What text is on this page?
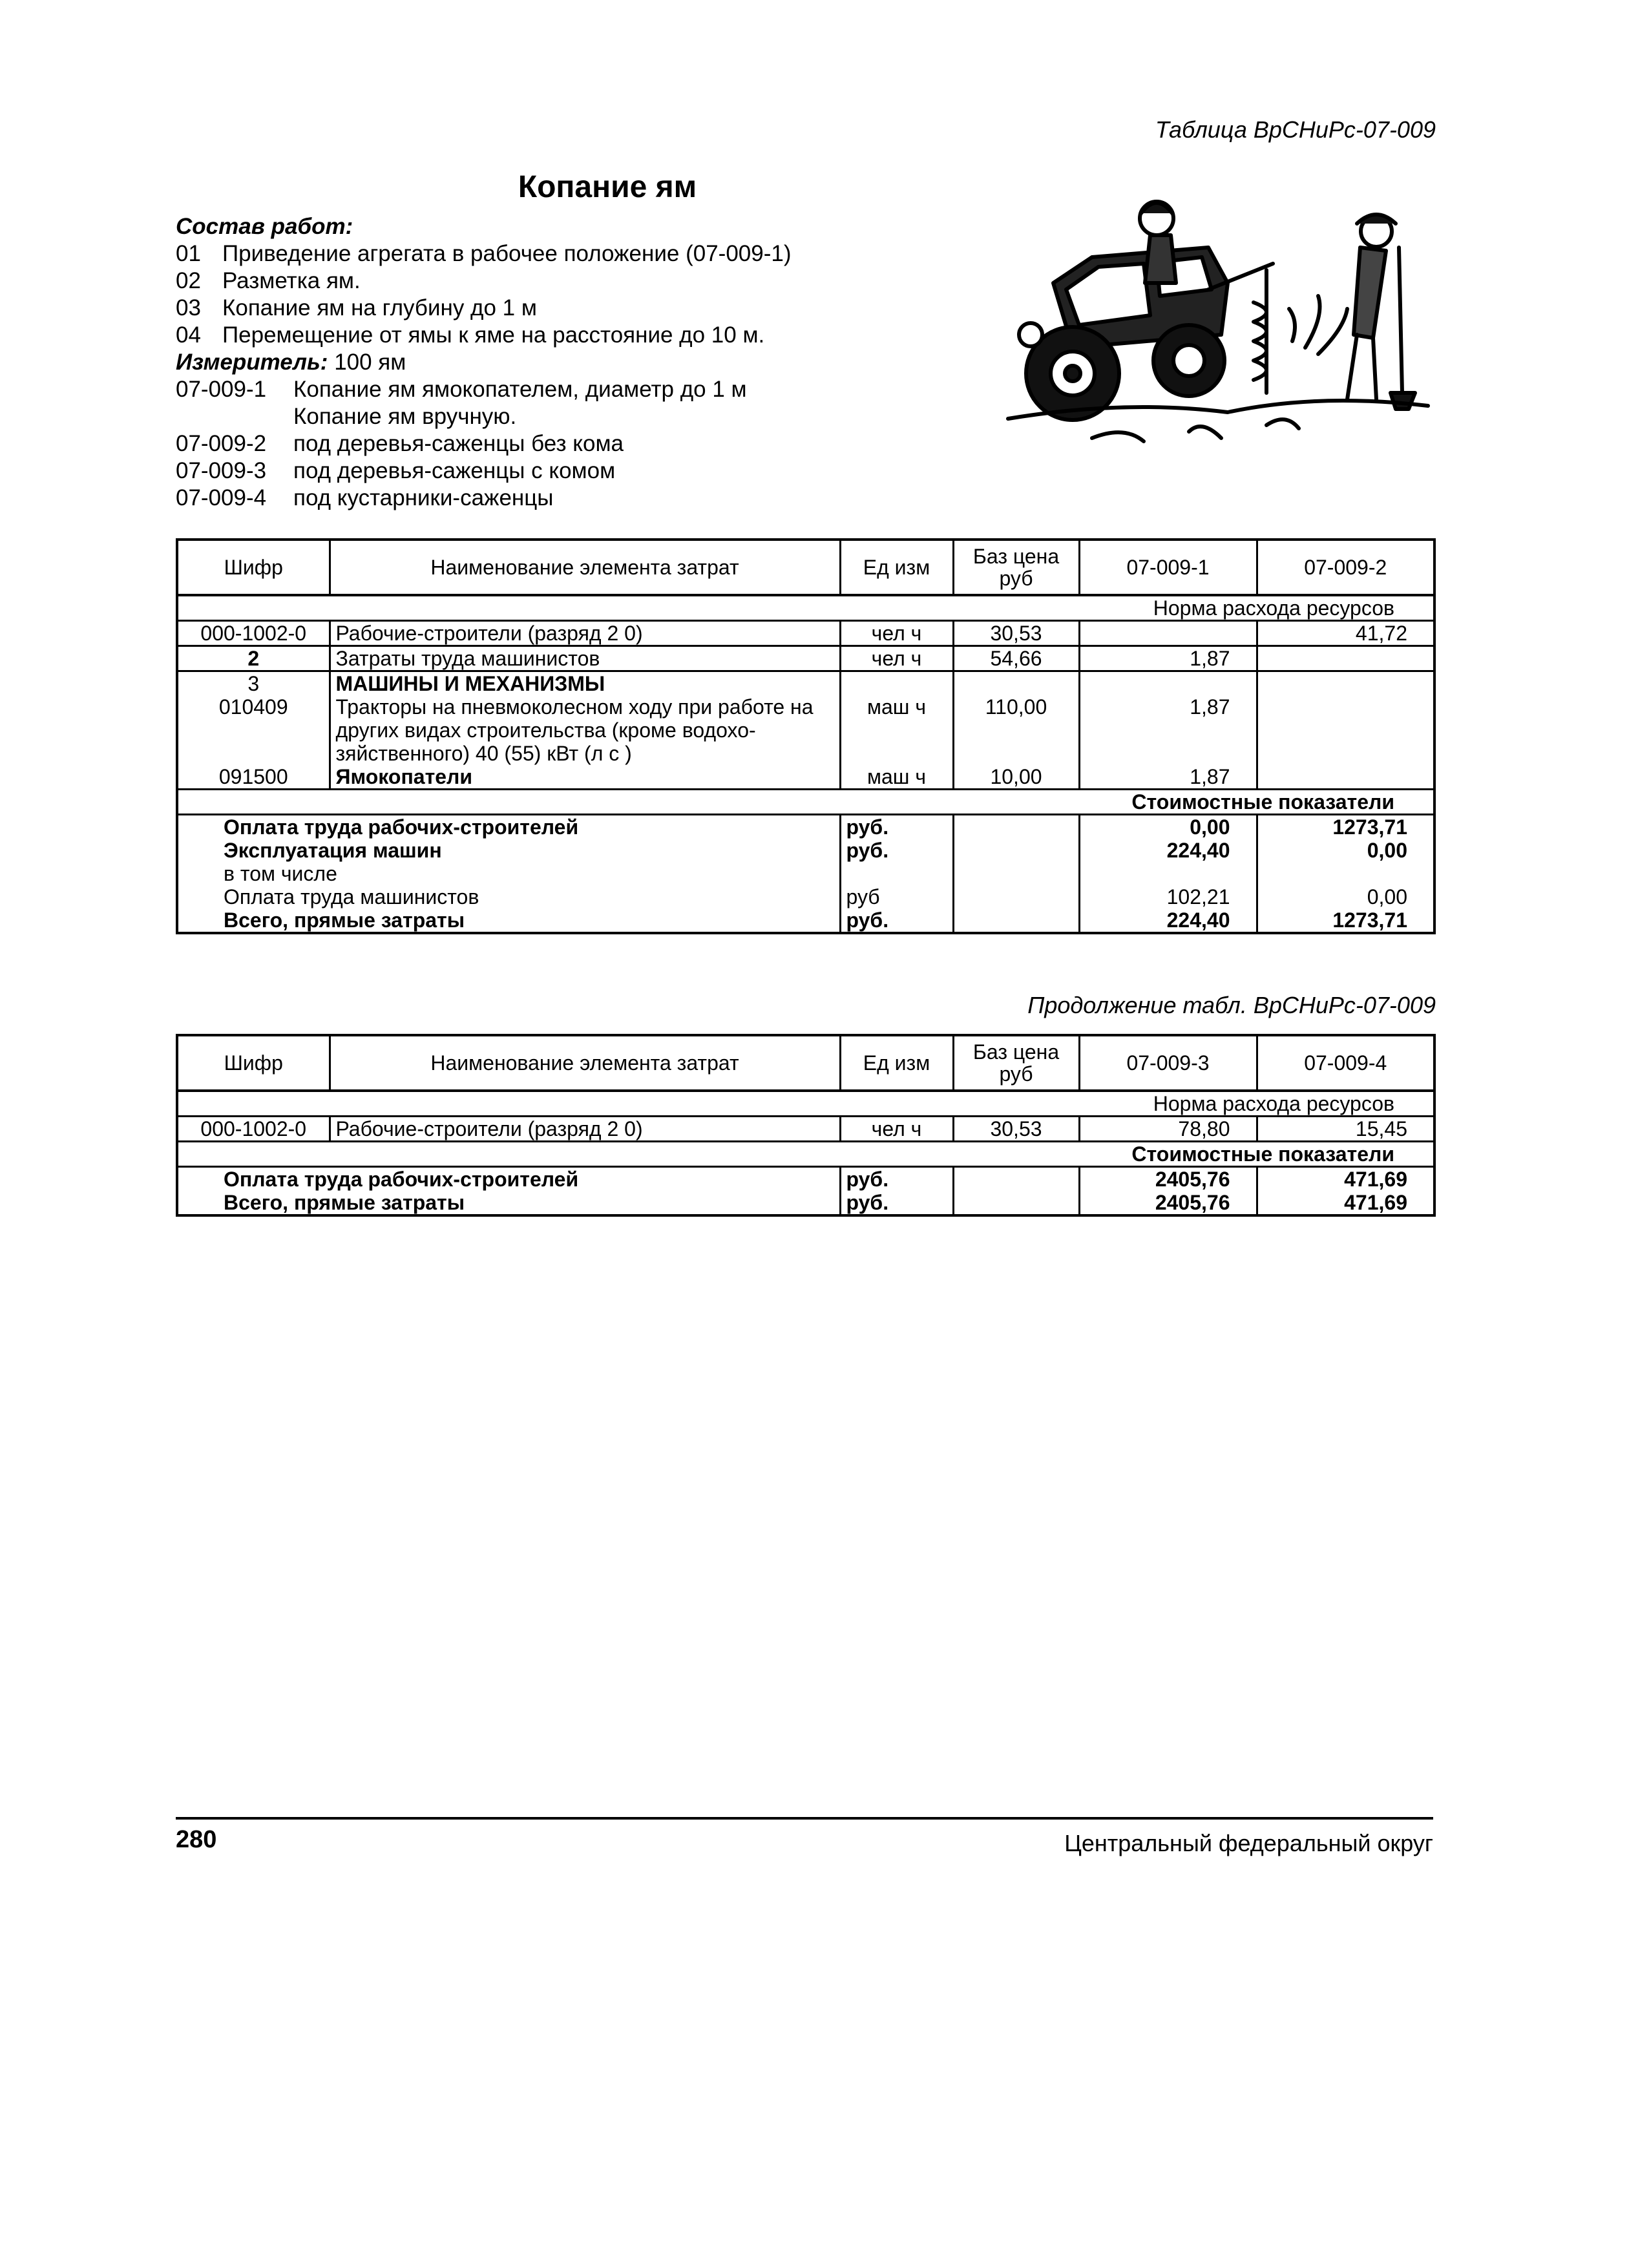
Таблица ВрСНиРс-07-009
Копание ям
Состав работ:
01 Приведение агрегата в рабочее положение (07-009-1)
02 Разметка ям.
03 Копание ям на глубину до 1 м
04 Перемещение от ямы к яме на расстояние до 10 м.
Измеритель: 100 ям
07-009-1	Копание ям ямокопателем, диаметр до 1 м
Копание ям вручную.
07-009-2	под деревья-саженцы без кома
07-009-3	под деревья-саженцы с комом
07-009-4	под кустарники-саженцы
Шифр	Наименование элемента затрат	Ед изм	Баз цена руб	07-009-1	07-009-2
Норма расхода ресурсов					
000-1002-0	Рабочие-строители (разряд 2 0)	чел ч	30,53		41,72
2	Затраты труда машинистов	чел ч	54,66	1,87	
3	МАШИНЫ И МЕХАНИЗМЫ				
010409	Тракторы на пневмоколесном ходу при работе на других видах строительства (кроме водохо-зяйственного) 40 (55) кВт (л с )	маш ч	110,00	1,87	
091500	Ямокопатели	маш ч	10,00	1,87	
Стоимостные показатели					
Оплата труда рабочих-строителей		руб.		0,00	1273,71
Эксплуатация машин		руб.		224,40	0,00
в том числе					
Оплата труда машинистов		руб		102,21	0,00
Всего, прямые затраты		руб.		224,40	1273,71
Продолжение табл. ВрСНиРс-07-009
Шифр	Наименование элемента затрат	Ед изм	Баз цена руб	07-009-3	07-009-4
Норма расхода ресурсов					
000-1002-0	Рабочие-строители (разряд 2 0)	чел ч	30,53	78,80	15,45
Стоимостные показатели					
Оплата труда рабочих-строителей		руб.		2405,76	471,69
Всего, прямые затраты		руб.		2405,76	471,69
280	Центральный федеральный округ
